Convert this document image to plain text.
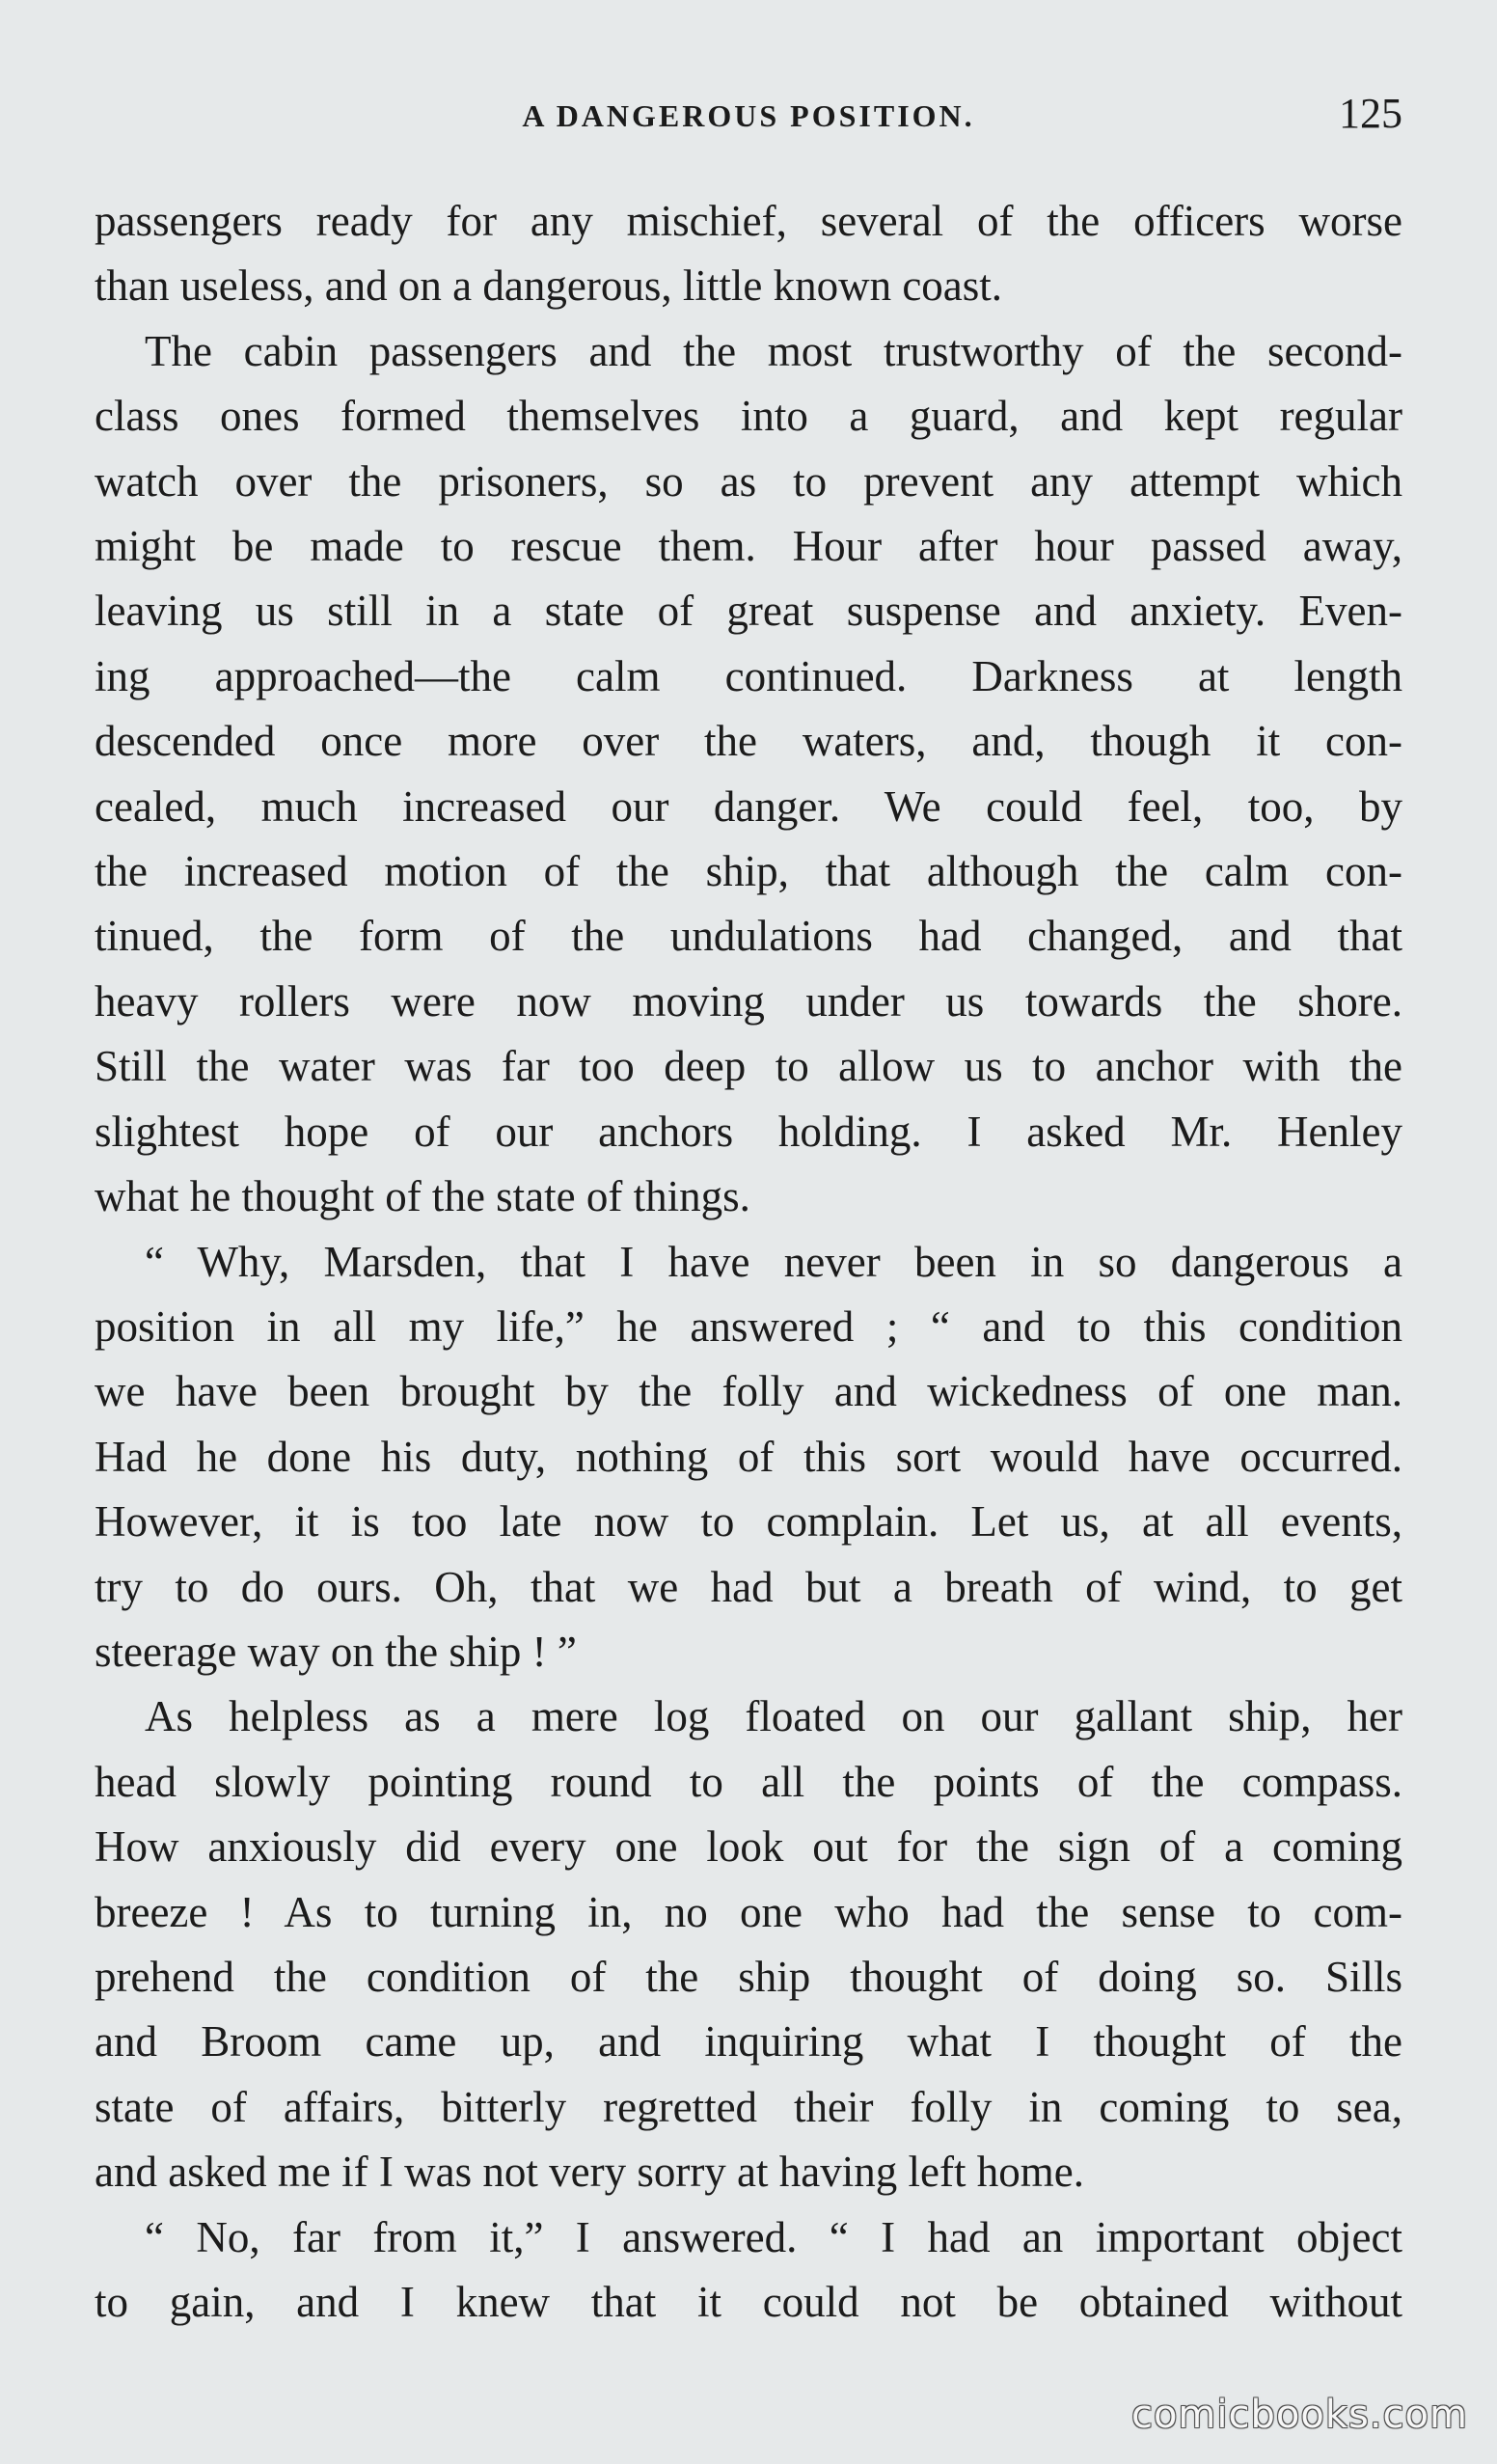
A DANGEROUS POSITION.	125
passengers ready for any mischief, several of the officers worse
than useless, and on a dangerous, little known coast.
The cabin passengers and the most trustworthy of the second-
class ones formed themselves into a guard, and kept regular
watch over the prisoners, so as to prevent any attempt which
might be made to rescue them. Hour after hour passed away,
leaving us still in a state of great suspense and anxiety. Even-
ing approached—the calm continued. Darkness at length
descended once more over the waters, and, though it con-
cealed, much increased our danger. We could feel, too, by
the increased motion of the ship, that although the calm con-
tinued, the form of the undulations had changed, and that
heavy rollers were now moving under us towards the shore.
Still the water was far too deep to allow us to anchor with the
slightest hope of our anchors holding. I asked Mr. Henley
what he thought of the state of things.
“ Why, Marsden, that I have never been in so dangerous a
position in all my life,” he answered ; “ and to this condition
we have been brought by the folly and wickedness of one man.
Had he done his duty, nothing of this sort would have occurred.
However, it is too late now to complain. Let us, at all events,
try to do ours. Oh, that we had but a breath of wind, to get
steerage way on the ship ! ”
As helpless as a mere log floated on our gallant ship, her
head slowly pointing round to all the points of the compass.
How anxiously did every one look out for the sign of a coming
breeze ! As to turning in, no one who had the sense to com-
prehend the condition of the ship thought of doing so. Sills
and Broom came up, and inquiring what I thought of the
state of affairs, bitterly regretted their folly in coming to sea,
and asked me if I was not very sorry at having left home.
“ No, far from it,” I answered. “ I had an important object
to gain, and I knew that it could not be obtained without
comicbooks.com
